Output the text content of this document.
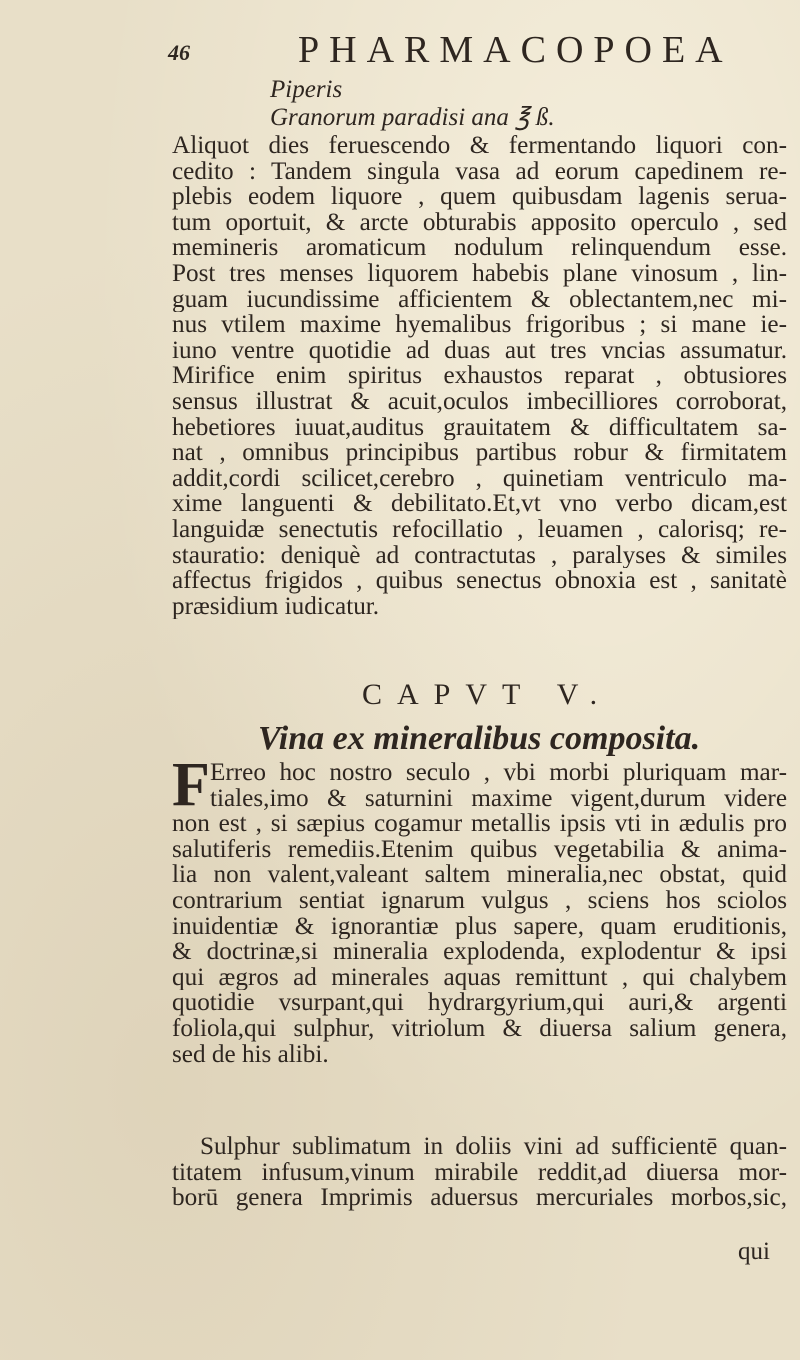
46	PHARMACOPOEA
Piperis
Granorum paradisi ana ℥ ß.
Aliquot dies feruescendo & fermentando liquori con-
cedito : Tandem singula vasa ad eorum capedinem re-
plebis eodem liquore , quem quibusdam lagenis serua-
tum oportuit, & arcte obturabis apposito operculo , sed
memineris aromaticum nodulum relinquendum esse.
Post tres menses liquorem habebis plane vinosum , lin-
guam iucundissime afficientem & oblectantem,nec mi-
nus vtilem maxime hyemalibus frigoribus ; si mane ie-
iuno ventre quotidie ad duas aut tres vncias assumatur.
Mirifice enim spiritus exhaustos reparat , obtusiores
sensus illustrat & acuit,oculos imbecilliores corroborat,
hebetiores iuuat,auditus grauitatem & difficultatem sa-
nat , omnibus principibus partibus robur & firmitatem
addit,cordi scilicet,cerebro , quinetiam ventriculo ma-
xime languenti & debilitato.Et,vt vno verbo dicam,est
languidæ senectutis refocillatio , leuamen , calorisq; re-
stauratio: deniquè ad contractutas , paralyses & similes
affectus frigidos , quibus senectus obnoxia est , sanitatè
præsidium iudicatur.
CAPVT V.
Vina ex mineralibus composita.
F Erreo hoc nostro seculo , vbi morbi pluriquam mar-
tiales,imo & saturnini maxime vigent,durum videre
non est , si sæpius cogamur metallis ipsis vti in ædulis pro
salutiferis remediis.Etenim quibus vegetabilia & anima-
lia non valent,valeant saltem mineralia,nec obstat, quid
contrarium sentiat ignarum vulgus , sciens hos sciolos
inuidentiæ & ignorantiæ plus sapere, quam eruditionis,
& doctrinæ,si mineralia explodenda, explodentur & ipsi
qui ægros ad minerales aquas remittunt , qui chalybem
quotidie vsurpant,qui hydrargyrium,qui auri,& argenti
foliola,qui sulphur, vitriolum & diuersa salium genera,
sed de his alibi.
Sulphur sublimatum in doliis vini ad sufficientē quan-
titatem infusum,vinum mirabile reddit,ad diuersa mor-
borū genera Imprimis aduersus mercuriales morbos,sic,
qui
